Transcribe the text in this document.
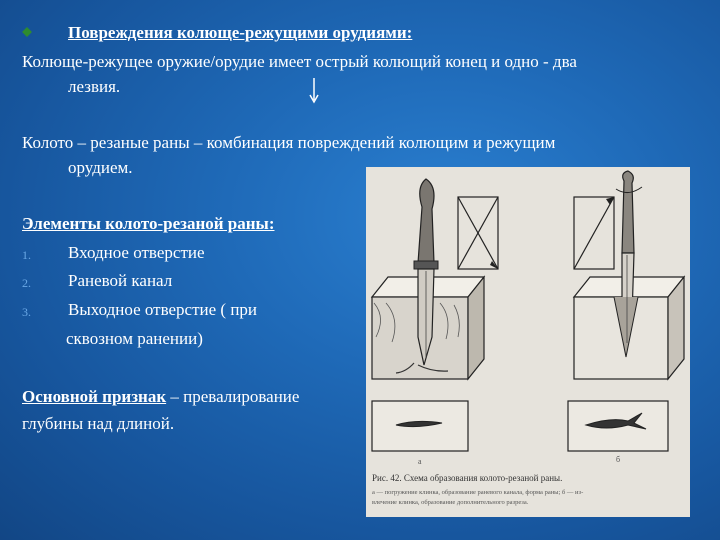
Повреждения колюще-режущими орудиями:
Колюще-режущее оружие/орудие имеет острый колющий конец и одно - два
лезвия.
Колото – резаные раны – комбинация повреждений колющим и режущим
орудием.
Элементы колото-резаной раны:
1. Входное отверстие
2. Раневой канал
3. Выходное отверстие ( при
сквозном ранении)
Основной признак – превалирование
глубины над длиной.
а	б
Рис. 42. Схема образования колото-резаной раны.
а — погружение клинка, образование раневого канала, форма раны; б — из-
влечение клинка, образование дополнительного разреза.
